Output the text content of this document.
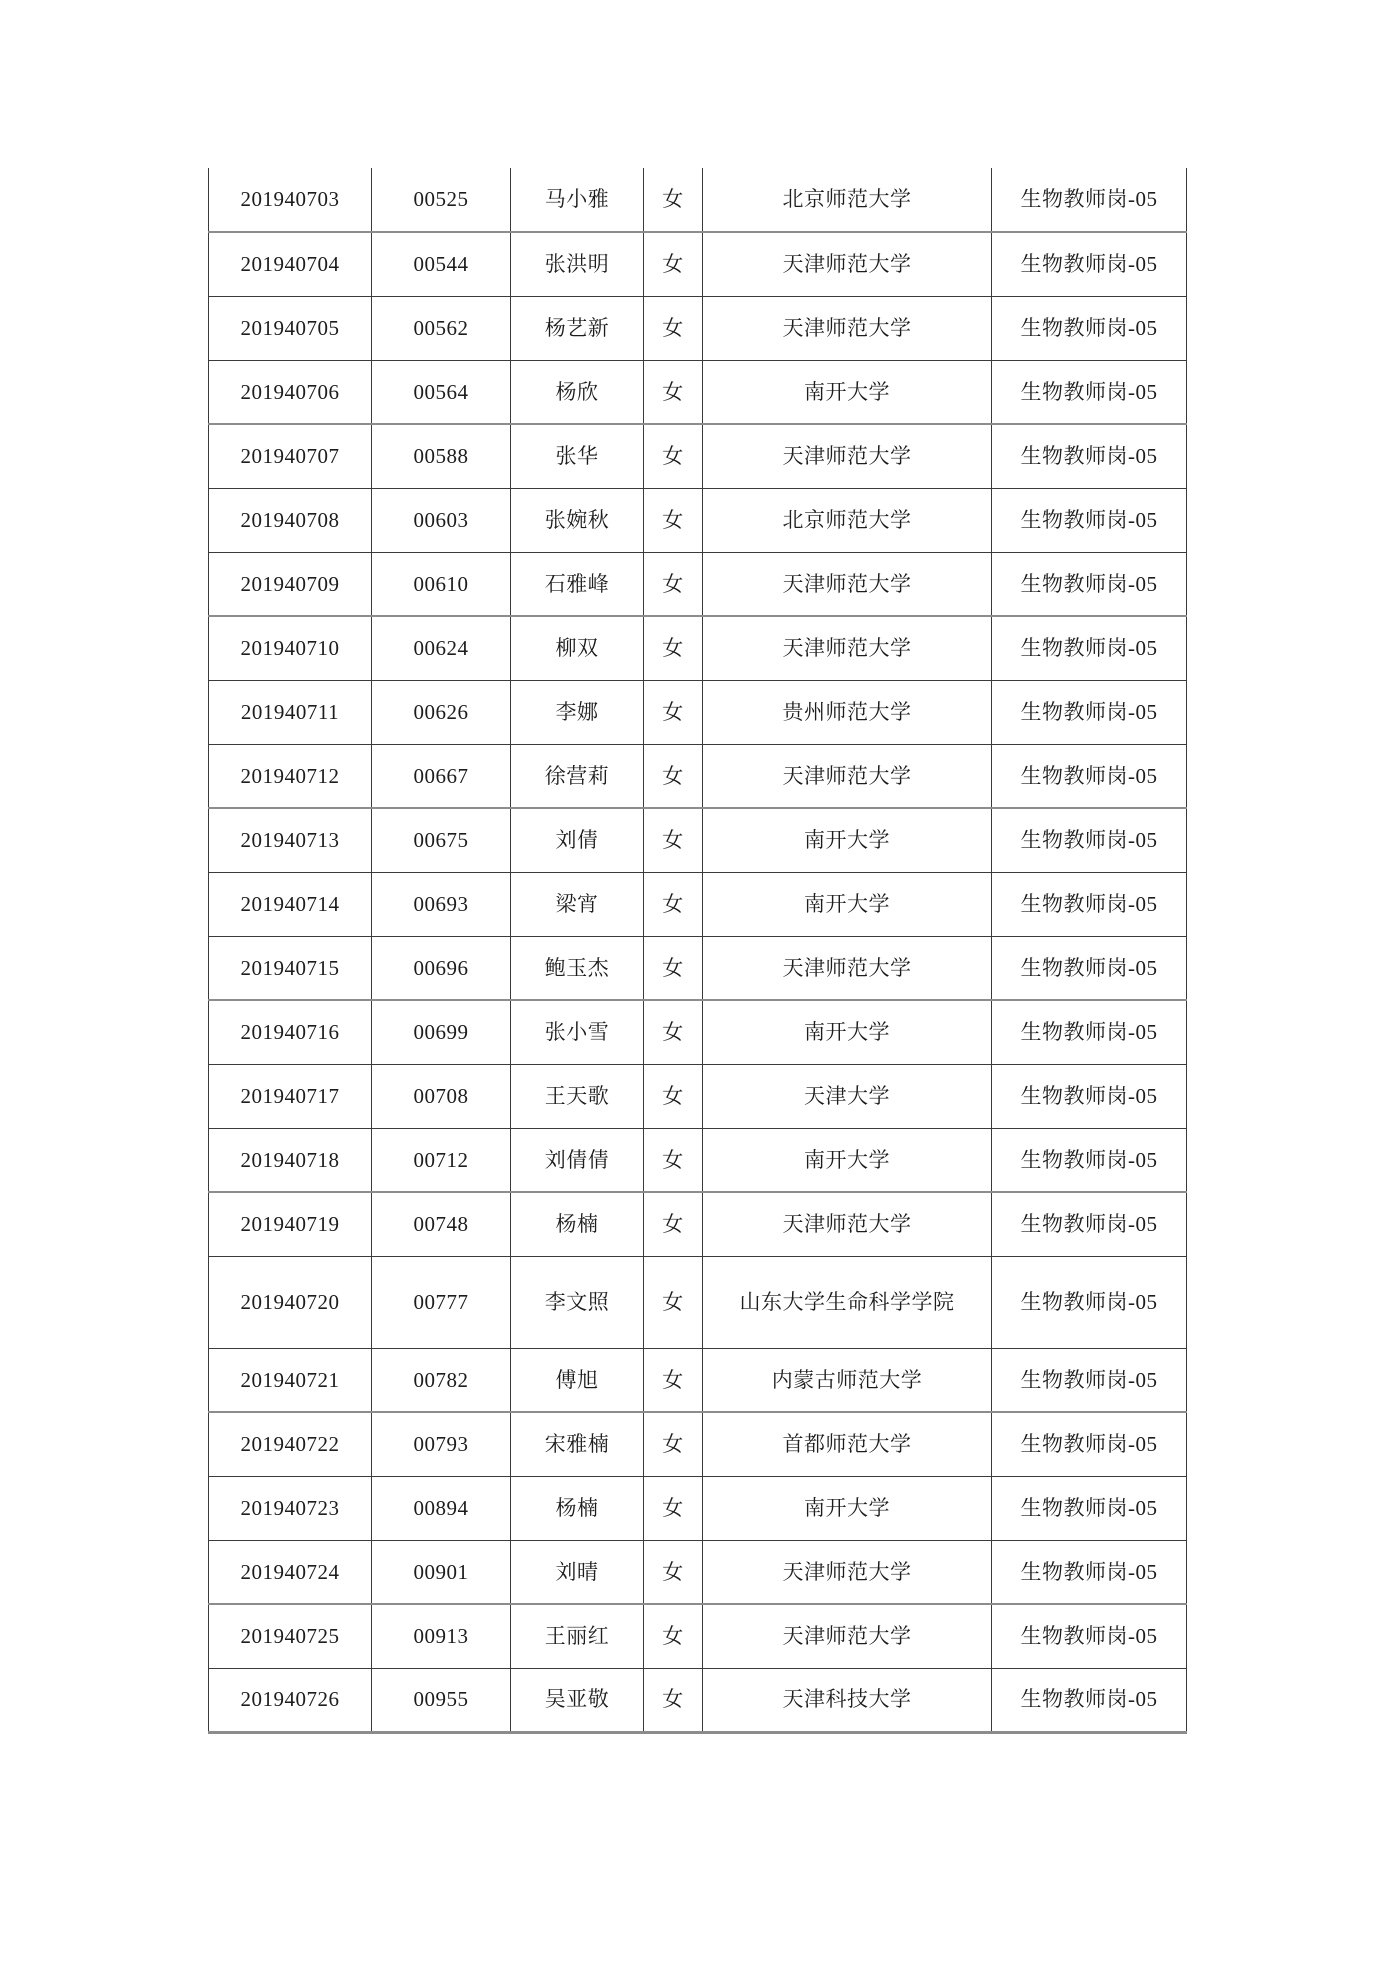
201940703	00525	马小雅	女	北京师范大学	生物教师岗-05
201940704	00544	张洪明	女	天津师范大学	生物教师岗-05
201940705	00562	杨艺新	女	天津师范大学	生物教师岗-05
201940706	00564	杨欣	女	南开大学	生物教师岗-05
201940707	00588	张华	女	天津师范大学	生物教师岗-05
201940708	00603	张婉秋	女	北京师范大学	生物教师岗-05
201940709	00610	石雅峰	女	天津师范大学	生物教师岗-05
201940710	00624	柳双	女	天津师范大学	生物教师岗-05
201940711	00626	李娜	女	贵州师范大学	生物教师岗-05
201940712	00667	徐营莉	女	天津师范大学	生物教师岗-05
201940713	00675	刘倩	女	南开大学	生物教师岗-05
201940714	00693	梁宵	女	南开大学	生物教师岗-05
201940715	00696	鲍玉杰	女	天津师范大学	生物教师岗-05
201940716	00699	张小雪	女	南开大学	生物教师岗-05
201940717	00708	王天歌	女	天津大学	生物教师岗-05
201940718	00712	刘倩倩	女	南开大学	生物教师岗-05
201940719	00748	杨楠	女	天津师范大学	生物教师岗-05
201940720	00777	李文照	女	山东大学生命科学学院	生物教师岗-05
201940721	00782	傅旭	女	内蒙古师范大学	生物教师岗-05
201940722	00793	宋雅楠	女	首都师范大学	生物教师岗-05
201940723	00894	杨楠	女	南开大学	生物教师岗-05
201940724	00901	刘晴	女	天津师范大学	生物教师岗-05
201940725	00913	王丽红	女	天津师范大学	生物教师岗-05
201940726	00955	吴亚敬	女	天津科技大学	生物教师岗-05
